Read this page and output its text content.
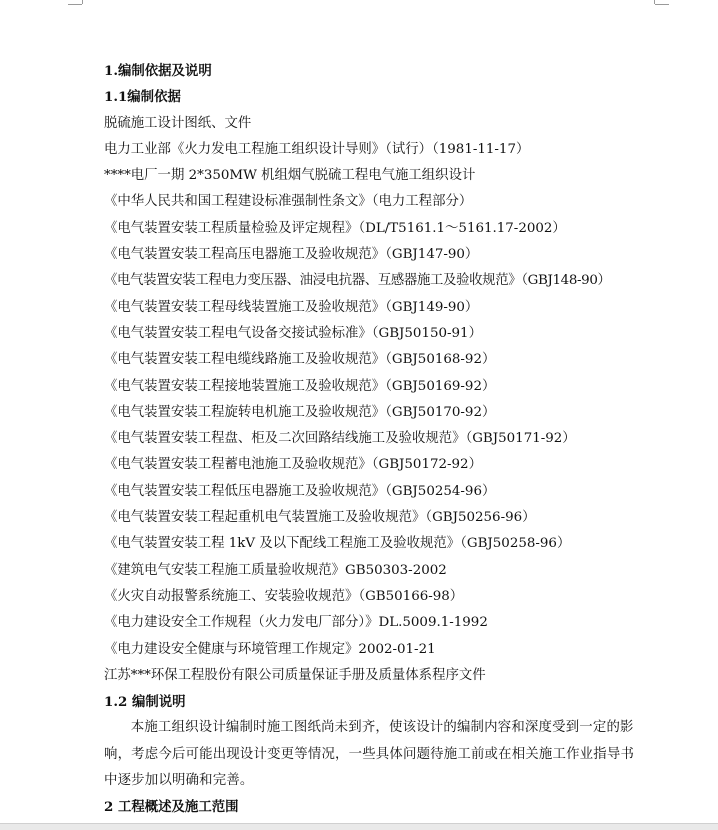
1.编制依据及说明
1.1编制依据
脱硫施工设计图纸、文件
电力工业部《火力发电工程施工组织设计导则》（试行）（1981-11-17）
****电厂一期 2*350MW 机组烟气脱硫工程电气施工组织设计
《中华人民共和国工程建设标准强制性条文》（电力工程部分）
《电气装置安装工程质量检验及评定规程》（DL/T5161.1～5161.17-2002）
《电气装置安装工程高压电器施工及验收规范》（GBJ147-90）
《电气装置安装工程电力变压器、油浸电抗器、互感器施工及验收规范》（GBJ148-90）
《电气装置安装工程母线装置施工及验收规范》（GBJ149-90）
《电气装置安装工程电气设备交接试验标准》（GBJ50150-91）
《电气装置安装工程电缆线路施工及验收规范》（GBJ50168-92）
《电气装置安装工程接地装置施工及验收规范》（GBJ50169-92）
《电气装置安装工程旋转电机施工及验收规范》（GBJ50170-92）
《电气装置安装工程盘、柜及二次回路结线施工及验收规范》（GBJ50171-92）
《电气装置安装工程蓄电池施工及验收规范》（GBJ50172-92）
《电气装置安装工程低压电器施工及验收规范》（GBJ50254-96）
《电气装置安装工程起重机电气装置施工及验收规范》（GBJ50256-96）
《电气装置安装工程 1kV 及以下配线工程施工及验收规范》（GBJ50258-96）
《建筑电气安装工程施工质量验收规范》GB50303-2002
《火灾自动报警系统施工、安装验收规范》（GB50166-98）
《电力建设安全工作规程（火力发电厂部分）》DL.5009.1-1992
《电力建设安全健康与环境管理工作规定》2002-01-21
江苏***环保工程股份有限公司质量保证手册及质量体系程序文件
1.2 编制说明
本施工组织设计编制时施工图纸尚未到齐，使该设计的编制内容和深度受到一定的影响，考虑今后可能出现设计变更等情况，一些具体问题待施工前或在相关施工作业指导书中逐步加以明确和完善。
2 工程概述及施工范围
